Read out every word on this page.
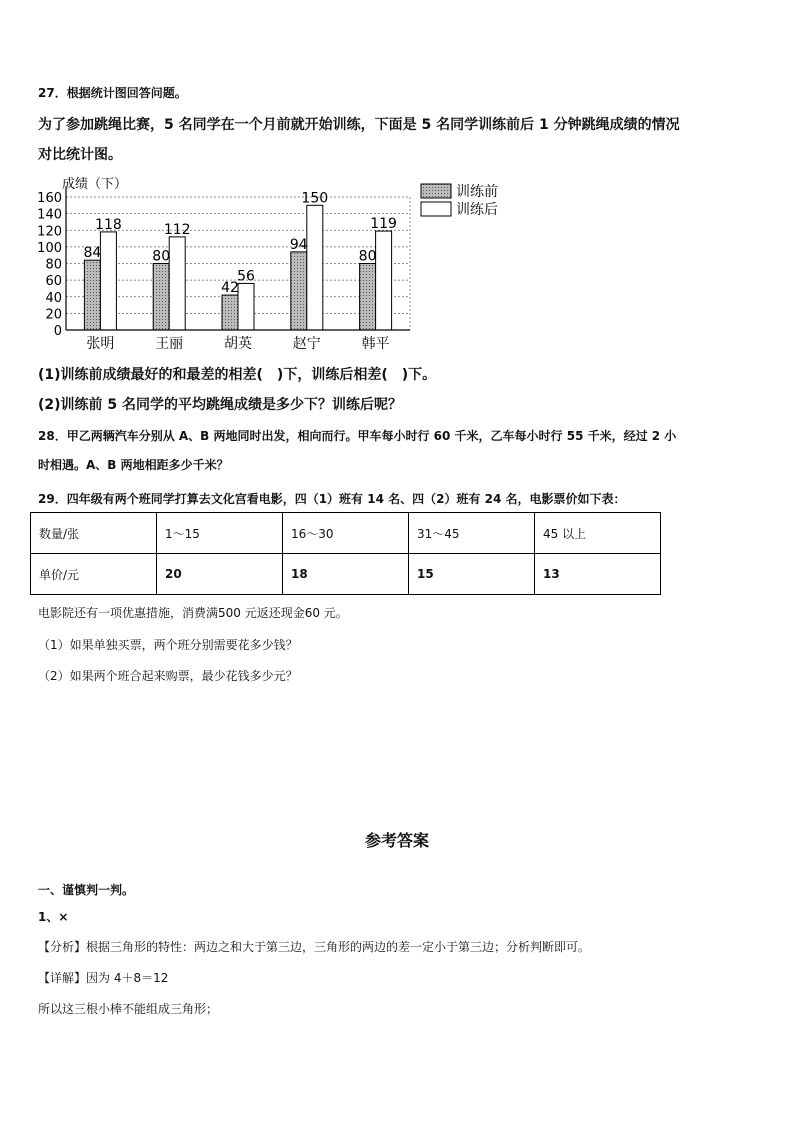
27．根据统计图回答问题。
为了参加跳绳比赛，5 名同学在一个月前就开始训练，下面是 5 名同学训练前后 1 分钟跳绳成绩的情况
对比统计图。
0
20
40
60
80
100
120
140
160
张明
84
118
王丽
80
112
胡英
42
56
赵宁
94
150
韩平
80
119
成绩（下）	训练前
训练后
(1)训练前成绩最好的和最差的相差(　)下，训练后相差(　)下。
(2)训练前 5 名同学的平均跳绳成绩是多少下？训练后呢？
28．甲乙两辆汽车分别从 A、B 两地同时出发，相向而行。甲车每小时行 60 千米，乙车每小时行 55 千米，经过 2 小
时相遇。A、B 两地相距多少千米？
29．四年级有两个班同学打算去文化宫看电影，四（1）班有 14 名、四（2）班有 24 名，电影票价如下表：
数量/张	1～15	16～30	31～45	45 以上
单价/元	20	18	15	13
电影院还有一项优惠措施，消费满500 元返还现金60 元。
（1）如果单独买票，两个班分别需要花多少钱？
（2）如果两个班合起来购票，最少花钱多少元？
参考答案
一、谨慎判一判。
1、×
【分析】根据三角形的特性：两边之和大于第三边，三角形的两边的差一定小于第三边；分析判断即可。
【详解】因为 4＋8＝12
所以这三根小棒不能组成三角形；
